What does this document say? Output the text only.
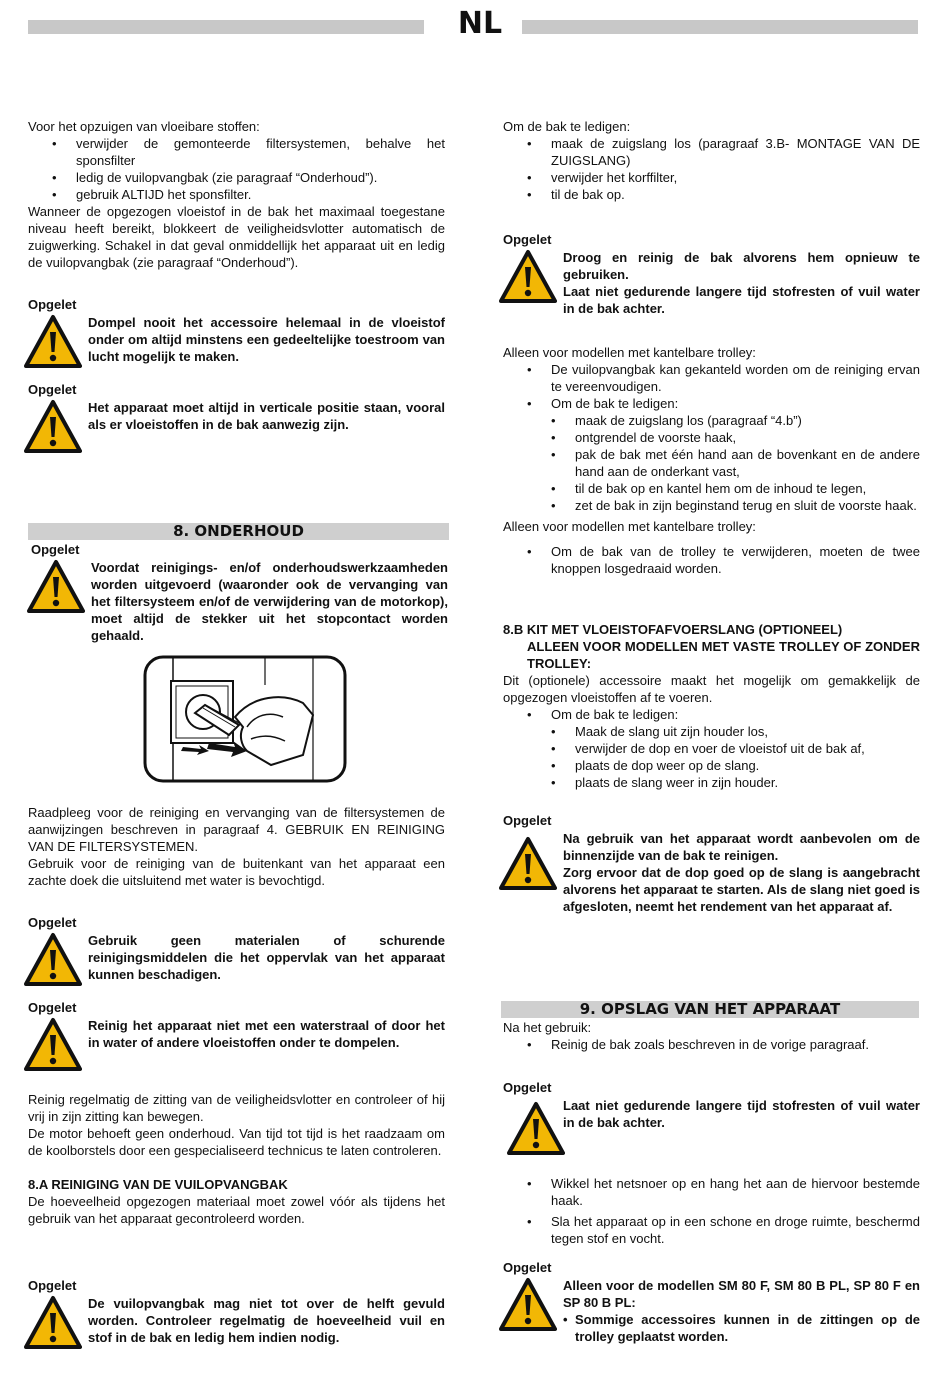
NL

Voor het opzuigen van vloeibare stoffen:

• verwijder de gemonteerde filtersystemen, behalve het sponsfilter
• ledig de vuilopvangbak (zie paragraaf “Onderhoud”).
• gebruik ALTIJD het sponsfilter.

Wanneer de opgezogen vloeistof in de bak het maximaal toegestane niveau heeft bereikt, blokkeert de veiligheidsvlotter automatisch de zuigwerking. Schakel in dat geval onmiddellijk het apparaat uit en ledig de vuilopvangbak (zie paragraaf “Onderhoud”).

Opgelet

Dompel nooit het accessoire helemaal in de vloeistof onder om altijd minstens een gedeeltelijke toestroom van lucht mogelijk te maken.

Opgelet

Het apparaat moet altijd in verticale positie staan, vooral als er vloeistoffen in de bak aanwezig zijn.

8. ONDERHOUD

Opgelet

Voordat reinigings- en/of onderhoudswerkzaamheden worden uitgevoerd (waaronder ook de vervanging van het filtersysteem en/of de verwijdering van de motorkop), moet altijd de stekker uit het stopcontact worden gehaald.

Raadpleeg voor de reiniging en vervanging van de filtersystemen de aanwijzingen beschreven in paragraaf 4. GEBRUIK EN REINIGING VAN DE FILTERSYSTEMEN.

Gebruik voor de reiniging van de buitenkant van het apparaat een zachte doek die uitsluitend met water is bevochtigd.

Opgelet

Gebruik geen materialen of schurende reinigingsmiddelen die het oppervlak van het apparaat kunnen beschadigen.

Opgelet

Reinig het apparaat niet met een waterstraal of door het in water of andere vloeistoffen onder te dompelen.

Reinig regelmatig de zitting van de veiligheidsvlotter en controleer of hij vrij in zijn zitting kan bewegen.

De motor behoeft geen onderhoud. Van tijd tot tijd is het raadzaam om de koolborstels door een gespecialiseerd technicus te laten controleren.

8.A REINIGING VAN DE VUILOPVANGBAK

De hoeveelheid opgezogen materiaal moet zowel vóór als tijdens het gebruik van het apparaat gecontroleerd worden.

Opgelet

De vuilopvangbak mag niet tot over de helft gevuld worden. Controleer regelmatig de hoeveelheid vuil en stof in de bak en ledig hem indien nodig.

Om de bak te ledigen:

• maak de zuigslang los (paragraaf 3.B- MONTAGE VAN DE ZUIGSLANG)
• verwijder het korffilter,
• til de bak op.

Opgelet

Droog en reinig de bak alvorens hem opnieuw te gebruiken.

Laat niet gedurende langere tijd stofresten of vuil water in de bak achter.

Alleen voor modellen met kantelbare trolley:

• De vuilopvangbak kan gekanteld worden om de reiniging ervan te vereenvoudigen.
• Om de bak te ledigen:
• maak de zuigslang los (paragraaf “4.b”)
• ontgrendel de voorste haak,
• pak de bak met één hand aan de bovenkant en de andere hand aan de onderkant vast,
• til de bak op en kantel hem om de inhoud te legen,
• zet de bak in zijn beginstand terug en sluit de voorste haak.

Alleen voor modellen met kantelbare trolley:

• Om de bak van de trolley te verwijderen, moeten de twee knoppen losgedraaid worden.

8.B KIT MET VLOEISTOFAFVOERSLANG (OPTIONEEL)

ALLEEN VOOR MODELLEN MET VASTE TROLLEY OF ZONDER TROLLEY:

Dit (optionele) accessoire maakt het mogelijk om gemakkelijk de opgezogen vloeistoffen af te voeren.

• Om de bak te ledigen:
• Maak de slang uit zijn houder los,
• verwijder de dop en voer de vloeistof uit de bak af,
• plaats de dop weer op de slang.
• plaats de slang weer in zijn houder.

Opgelet

Na gebruik van het apparaat wordt aanbevolen om de binnenzijde van de bak te reinigen.

Zorg ervoor dat de dop goed op de slang is aangebracht alvorens het apparaat te starten. Als de slang niet goed is afgesloten, neemt het rendement van het apparaat af.

9. OPSLAG VAN HET APPARAAT

Na het gebruik:

• Reinig de bak zoals beschreven in de vorige paragraaf.

Opgelet

Laat niet gedurende langere tijd stofresten of vuil water in de bak achter.

• Wikkel het netsnoer op en hang het aan de hiervoor bestemde haak.
• Sla het apparaat op in een schone en droge ruimte, beschermd tegen stof en vocht.

Opgelet

Alleen voor de modellen SM 80 F, SM 80 B PL, SP 80 F en SP 80 B PL:

• Sommige accessoires kunnen in de zittingen op de trolley geplaatst worden.
